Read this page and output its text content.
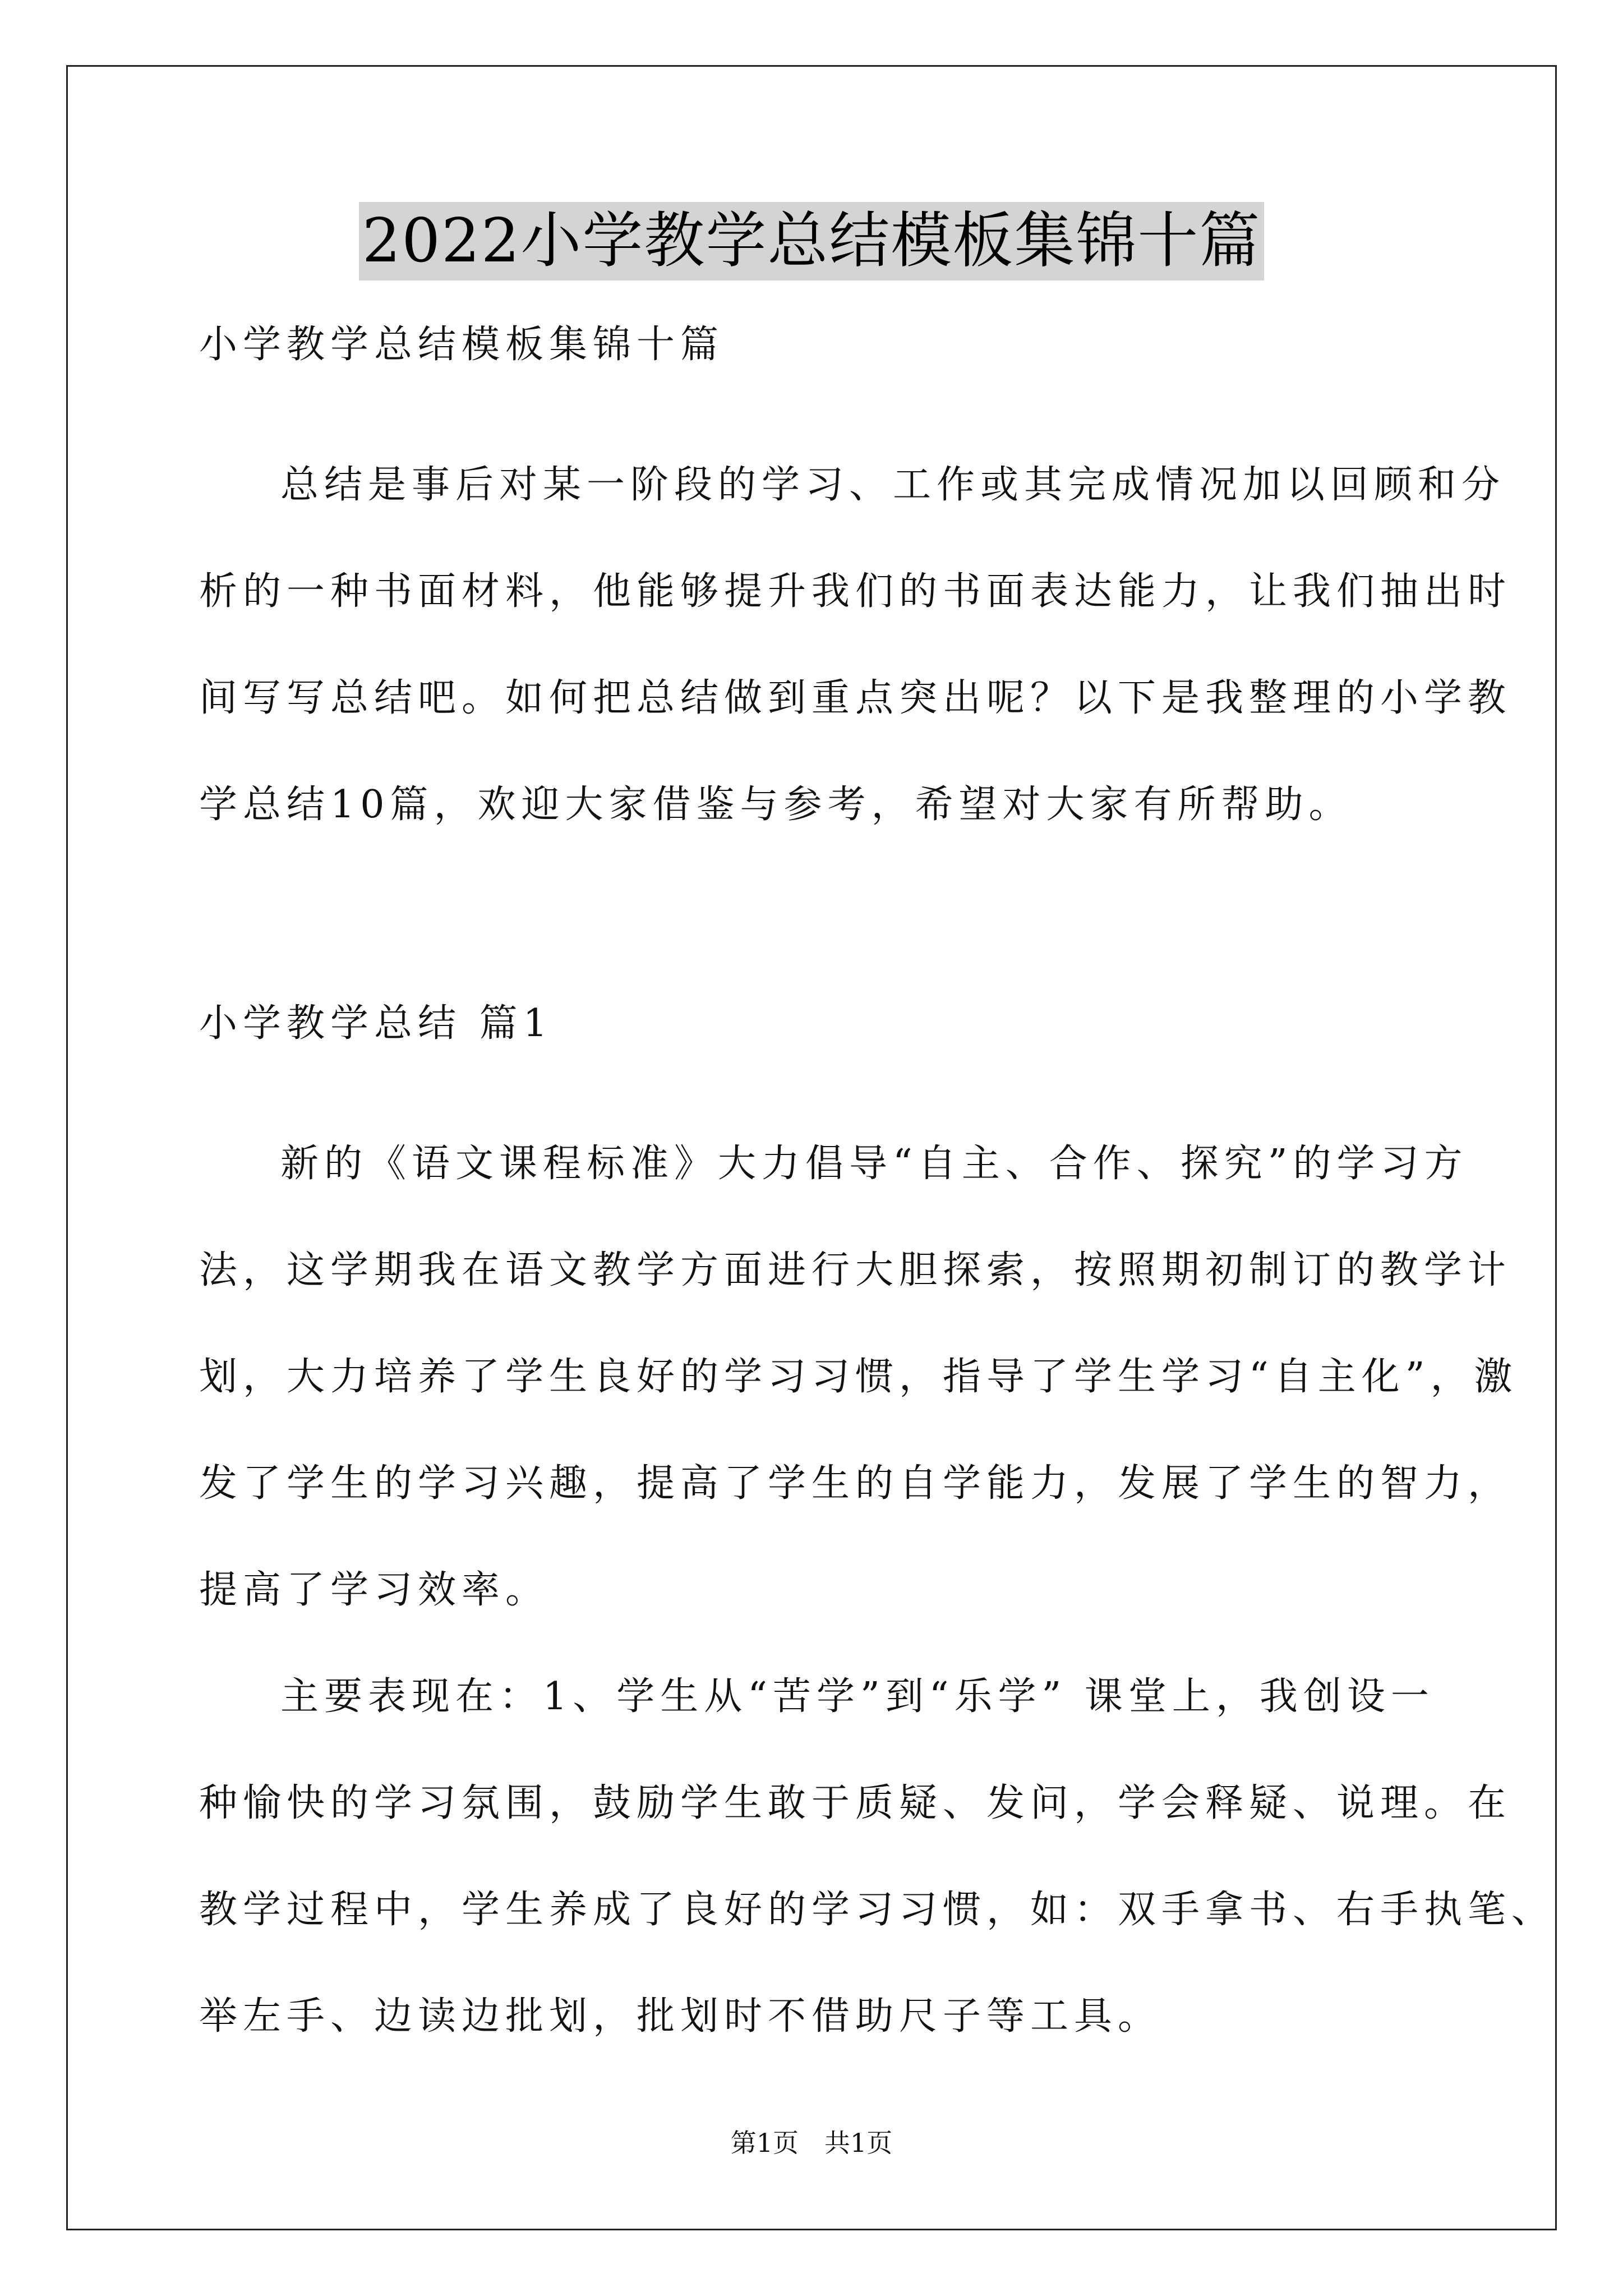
2022小学教学总结模板集锦十篇
小学教学总结模板集锦十篇
总结是事后对某一阶段的学习、工作或其完成情况加以回顾和分
析的一种书面材料，他能够提升我们的书面表达能力，让我们抽出时
间写写总结吧。如何把总结做到重点突出呢？以下是我整理的小学教
学总结10篇，欢迎大家借鉴与参考，希望对大家有所帮助。
小学教学总结 篇1
新的《语文课程标准》大力倡导“自主、合作、探究”的学习方
法，这学期我在语文教学方面进行大胆探索，按照期初制订的教学计
划，大力培养了学生良好的学习习惯，指导了学生学习“自主化”，激
发了学生的学习兴趣，提高了学生的自学能力，发展了学生的智力，
提高了学习效率。
主要表现在：1、学生从“苦学”到“乐学” 课堂上，我创设一
种愉快的学习氛围，鼓励学生敢于质疑、发问，学会释疑、说理。在
教学过程中，学生养成了良好的学习习惯，如：双手拿书、右手执笔、
举左手、边读边批划，批划时不借助尺子等工具。
第1页　共1页
